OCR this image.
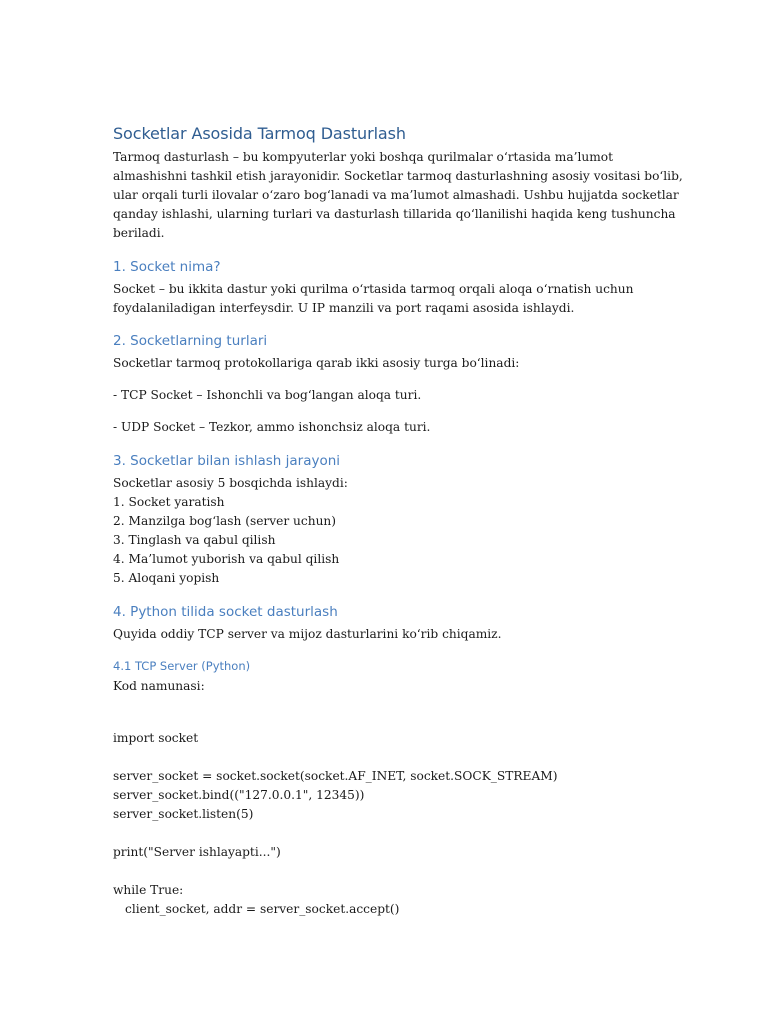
Socketlar Asosida Tarmoq Dasturlash
Tarmoq dasturlash – bu kompyuterlar yoki boshqa qurilmalar o‘rtasida ma’lumot
almashishni tashkil etish jarayonidir. Socketlar tarmoq dasturlashning asosiy vositasi bo‘lib,
ular orqali turli ilovalar o‘zaro bog‘lanadi va ma’lumot almashadi. Ushbu hujjatda socketlar
qanday ishlashi, ularning turlari va dasturlash tillarida qo‘llanilishi haqida keng tushuncha
beriladi.
1. Socket nima?
Socket – bu ikkita dastur yoki qurilma o‘rtasida tarmoq orqali aloqa o‘rnatish uchun
foydalaniladigan interfeysdir. U IP manzili va port raqami asosida ishlaydi.
2. Socketlarning turlari
Socketlar tarmoq protokollariga qarab ikki asosiy turga bo‘linadi:
- TCP Socket – Ishonchli va bog‘langan aloqa turi.
- UDP Socket – Tezkor, ammo ishonchsiz aloqa turi.
3. Socketlar bilan ishlash jarayoni
Socketlar asosiy 5 bosqichda ishlaydi:
1. Socket yaratish
2. Manzilga bog‘lash (server uchun)
3. Tinglash va qabul qilish
4. Ma’lumot yuborish va qabul qilish
5. Aloqani yopish
4. Python tilida socket dasturlash
Quyida oddiy TCP server va mijoz dasturlarini ko‘rib chiqamiz.
4.1 TCP Server (Python)
Kod namunasi:
import socket
server_socket = socket.socket(socket.AF_INET, socket.SOCK_STREAM)
server_socket.bind(("127.0.0.1", 12345))
server_socket.listen(5)
print("Server ishlayapti...")
while True:
client_socket, addr = server_socket.accept()
